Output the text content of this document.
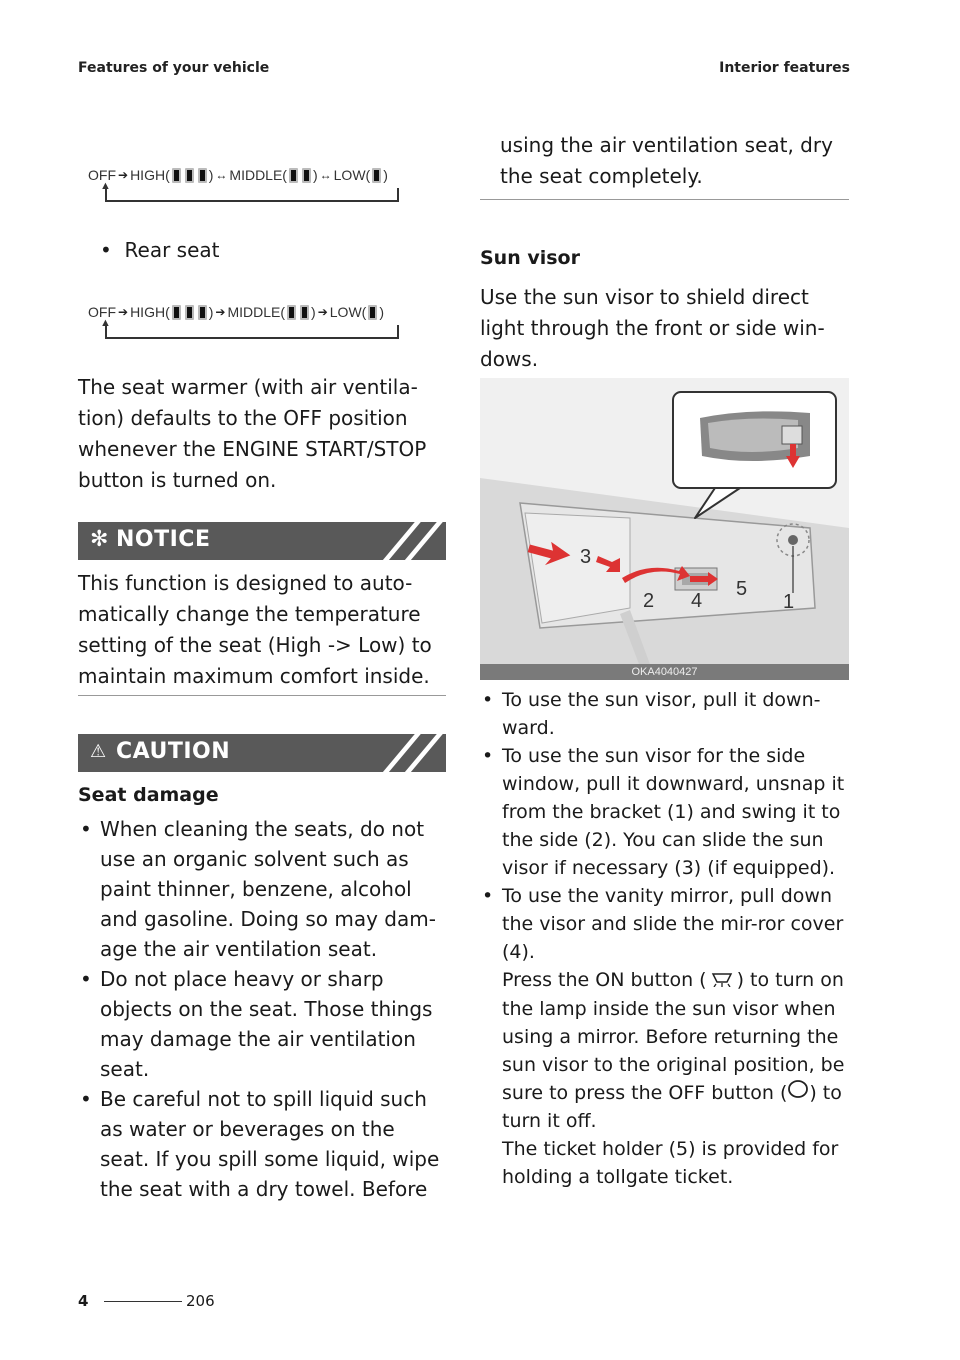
Features of your vehicle	Interior features
OFF ➔ HIGH(	) ↔ MIDDLE( ) ↔ LOW( )
▲
• Rear seat
OFF ➔ HIGH(	) ➔ MIDDLE( ) ➔ LOW( )
▲
The seat warmer (with air ventila-tion) defaults to the OFF position whenever the ENGINE START/STOP button is turned on.
✻ NOTICE
This function is designed to auto-matically change the temperature setting of the seat (High -> Low) to maintain maximum comfort inside.
⚠ CAUTION
Seat damage
• When cleaning the seats, do not use an organic solvent such as paint thinner, benzene, alcohol and gasoline. Doing so may dam-age the air ventilation seat.
• Do not place heavy or sharp objects on the seat. Those things may damage the air ventilation seat.
• Be careful not to spill liquid such as water or beverages on the seat. If you spill some liquid, wipe the seat with a dry towel. Before
using the air ventilation seat, dry the seat completely.
Sun visor
Use the sun visor to shield direct light through the front or side win-dows.
3
2 4
5
1
OKA4040427
• To use the sun visor, pull it down-ward.
• To use the sun visor for the side window, pull it downward, unsnap it from the bracket (1) and swing it to the side (2). You can slide the sun visor if necessary (3) (if equipped).
• To use the vanity mirror, pull down the visor and slide the mir-ror cover (4).
Press the ON button ( ) to turn on the lamp inside the sun visor when using a mirror. Before returning the sun visor to the original position, be sure to press the OFF button ( ) to turn it off.
The ticket holder (5) is provided for holding a tollgate ticket.
4	206
